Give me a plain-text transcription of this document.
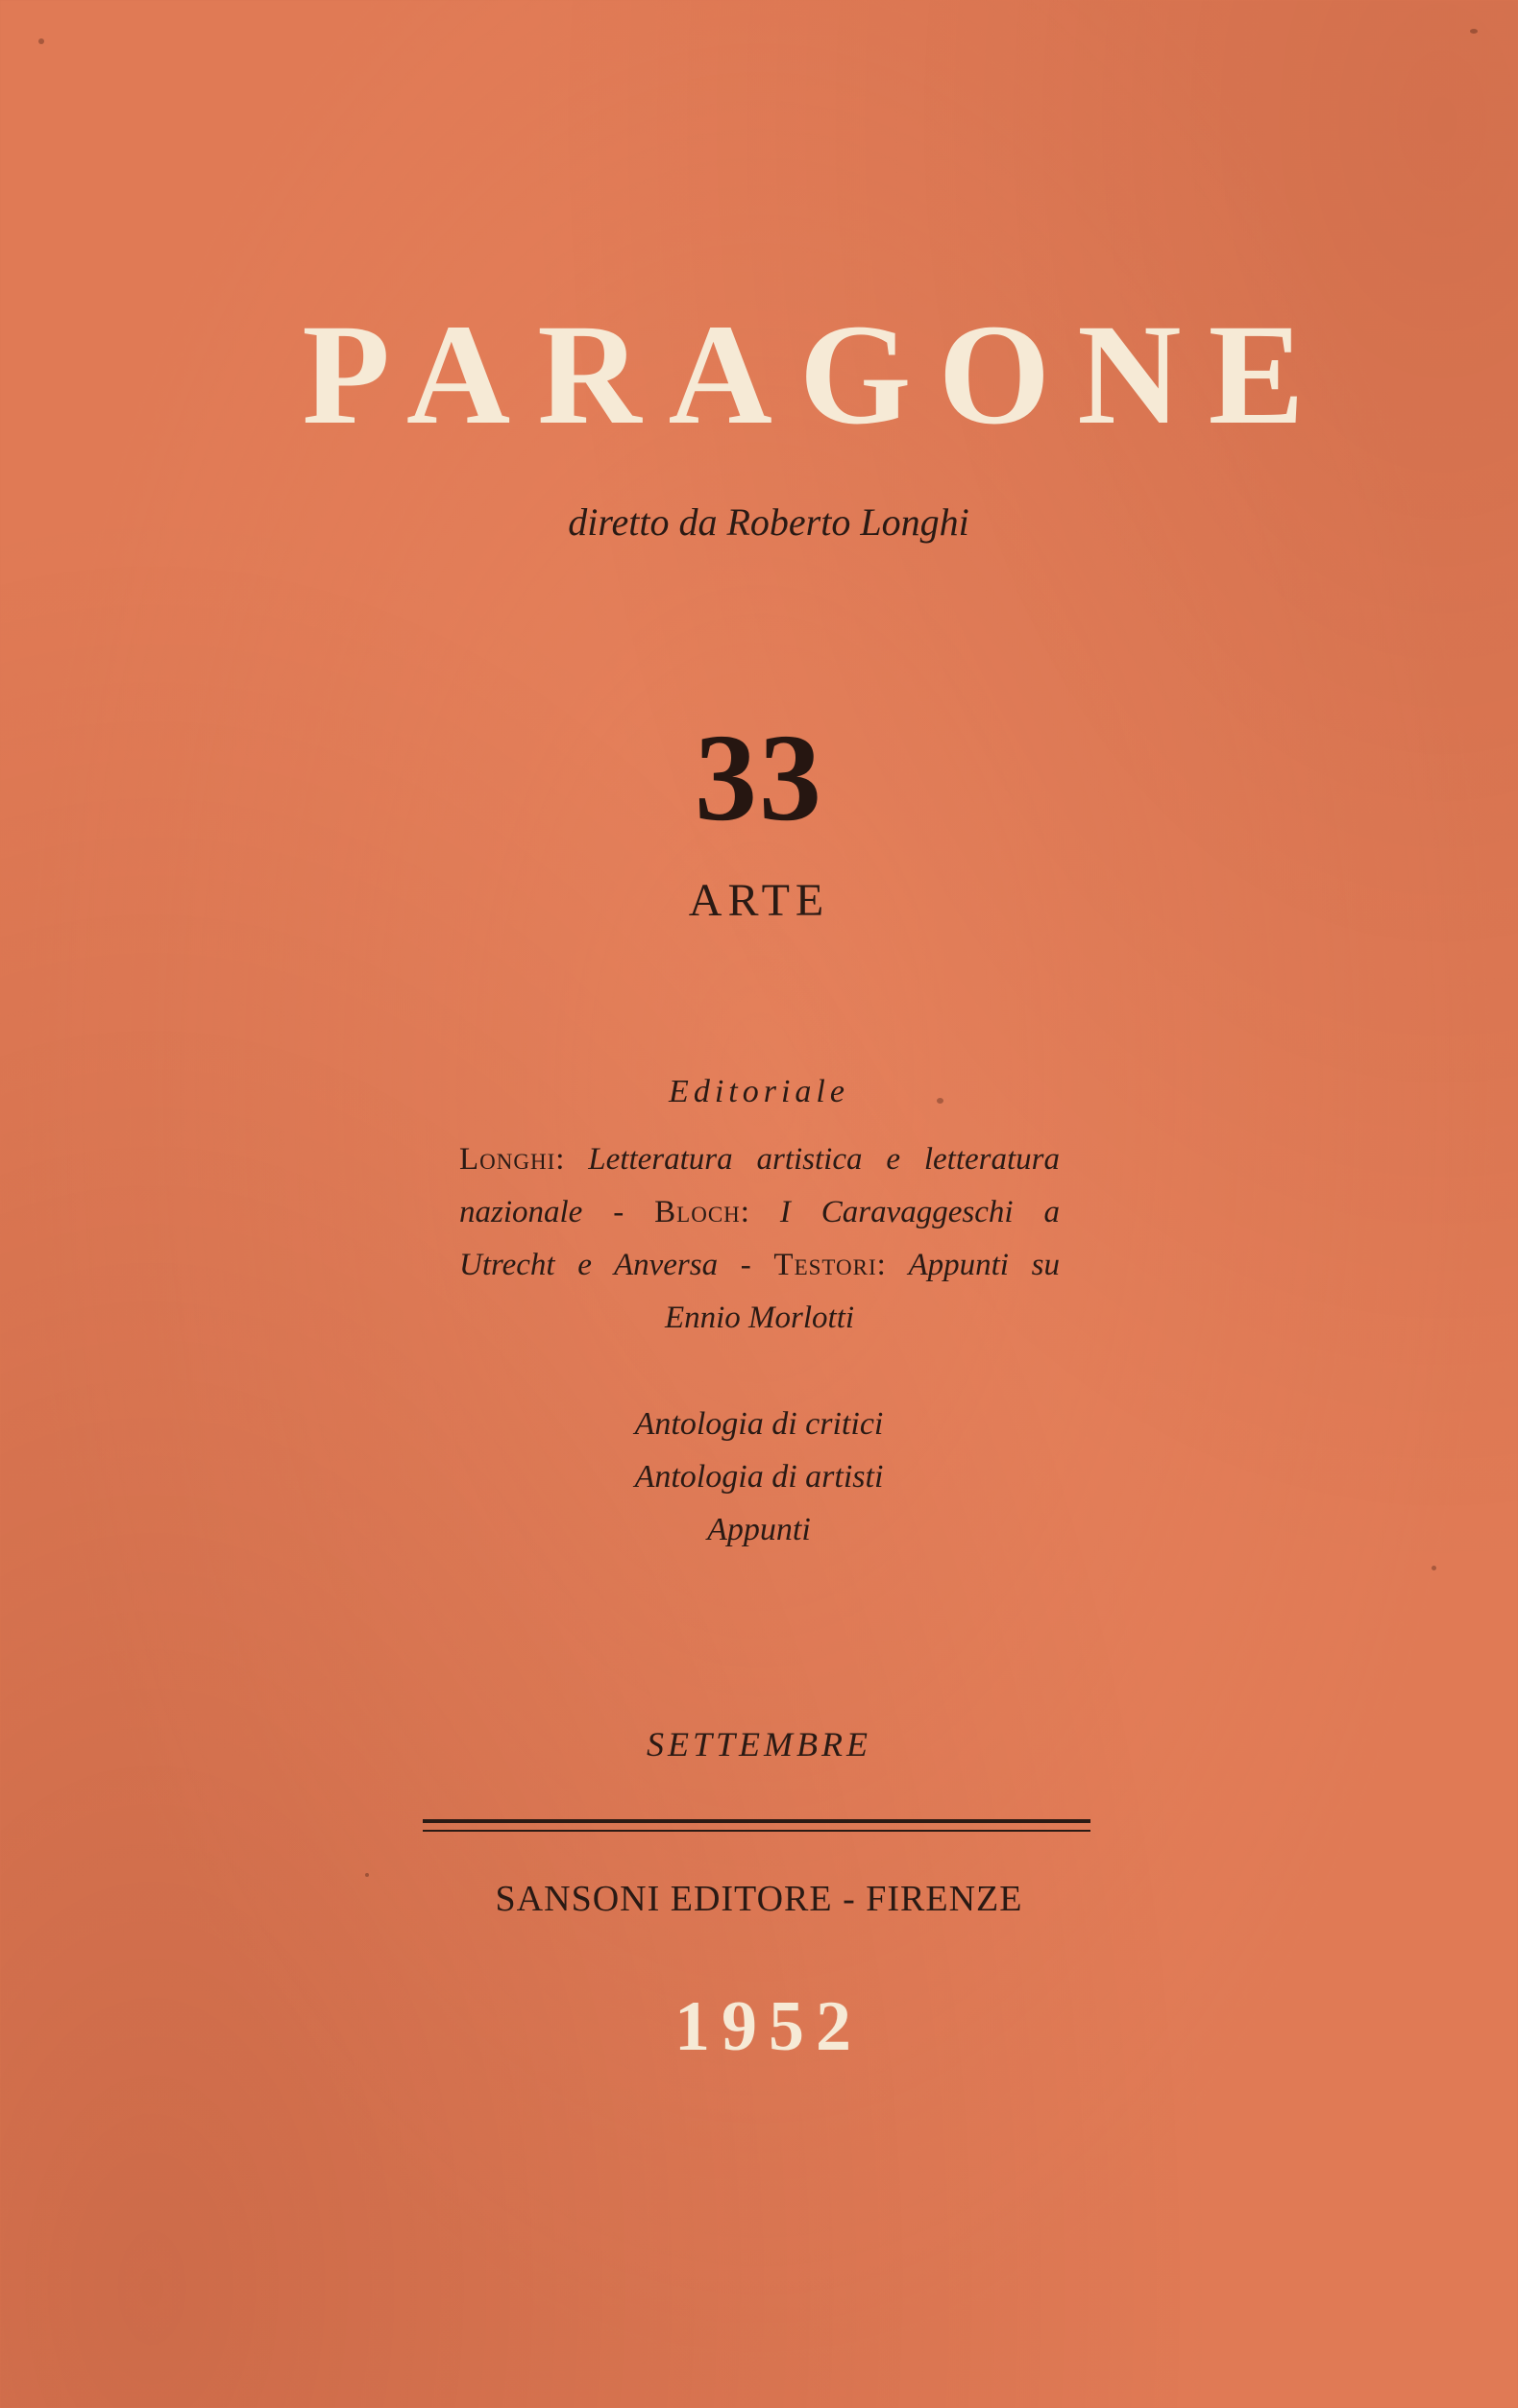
PARAGONE
diretto da Roberto Longhi
33
ARTE
Editoriale
Longhi: Letteratura artistica e letteratura
nazionale - Bloch: I Caravaggeschi a
Utrecht e Anversa - Testori: Appunti su
Ennio Morlotti
Antologia di critici
Antologia di artisti
Appunti
SETTEMBRE
SANSONI EDITORE - FIRENZE
1952
